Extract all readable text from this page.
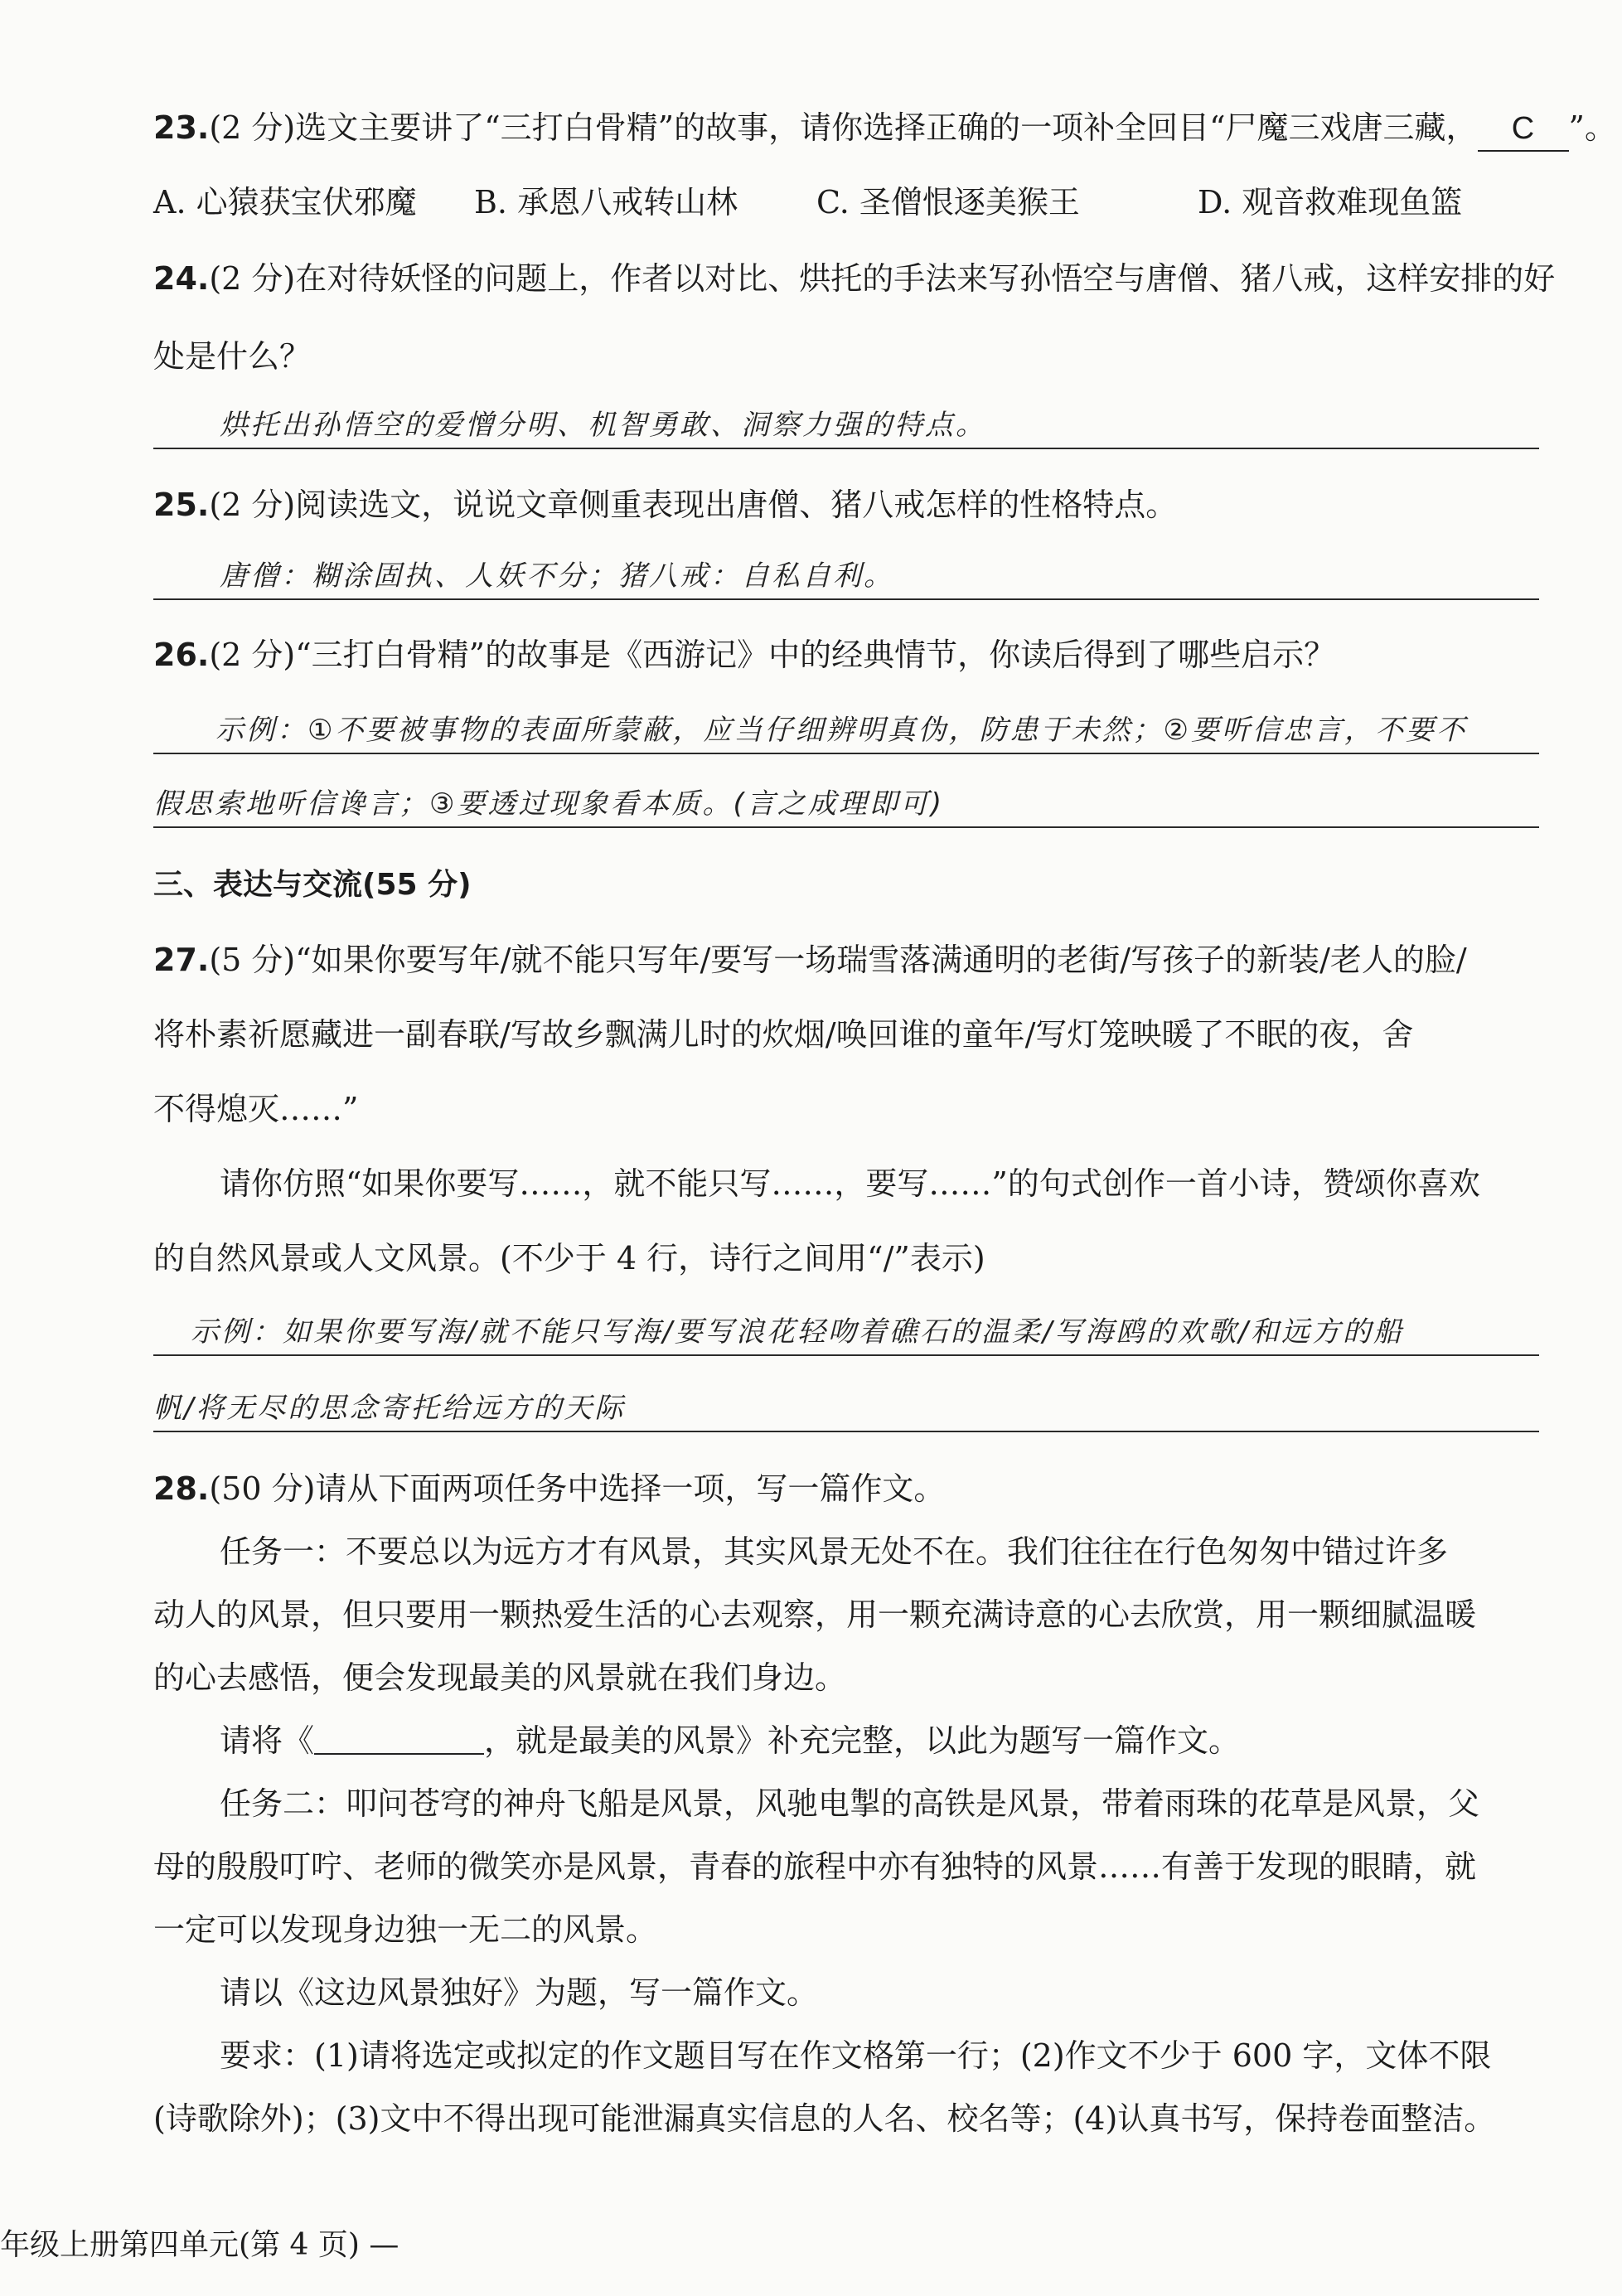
23.(2 分)选文主要讲了“三打白骨精”的故事，请你选择正确的一项补全回目“尸魔三戏唐三藏， C ”。
A. 心猿获宝伏邪魔 B. 承恩八戒转山林 C. 圣僧恨逐美猴王	D. 观音救难现鱼篮
24.(2 分)在对待妖怪的问题上，作者以对比、烘托的手法来写孙悟空与唐僧、猪八戒，这样安排的好
处是什么？
烘托出孙悟空的爱憎分明、机智勇敢、洞察力强的特点。
25.(2 分)阅读选文，说说文章侧重表现出唐僧、猪八戒怎样的性格特点。
唐僧：糊涂固执、人妖不分；猪八戒：自私自利。
26.(2 分)“三打白骨精”的故事是《西游记》中的经典情节，你读后得到了哪些启示？
示例：①不要被事物的表面所蒙蔽，应当仔细辨明真伪，防患于未然；②要听信忠言，不要不
假思索地听信谗言；③要透过现象看本质。(言之成理即可)
三、表达与交流(55 分)
27.(5 分)“如果你要写年/就不能只写年/要写一场瑞雪落满通明的老街/写孩子的新装/老人的脸/
将朴素祈愿藏进一副春联/写故乡飘满儿时的炊烟/唤回谁的童年/写灯笼映暖了不眠的夜，舍
不得熄灭……”
请你仿照“如果你要写……，就不能只写……，要写……”的句式创作一首小诗，赞颂你喜欢
的自然风景或人文风景。(不少于 4 行，诗行之间用“/”表示)
示例：如果你要写海/就不能只写海/要写浪花轻吻着礁石的温柔/写海鸥的欢歌/和远方的船
帆/将无尽的思念寄托给远方的天际
28.(50 分)请从下面两项任务中选择一项，写一篇作文。
任务一：不要总以为远方才有风景，其实风景无处不在。我们往往在行色匆匆中错过许多
动人的风景，但只要用一颗热爱生活的心去观察，用一颗充满诗意的心去欣赏，用一颗细腻温暖
的心去感悟，便会发现最美的风景就在我们身边。
请将《	，就是最美的风景》补充完整，以此为题写一篇作文。
任务二：叩问苍穹的神舟飞船是风景，风驰电掣的高铁是风景，带着雨珠的花草是风景，父
母的殷殷叮咛、老师的微笑亦是风景，青春的旅程中亦有独特的风景……有善于发现的眼睛，就
一定可以发现身边独一无二的风景。
请以《这边风景独好》为题，写一篇作文。
要求：(1)请将选定或拟定的作文题目写在作文格第一行；(2)作文不少于 600 字，文体不限
(诗歌除外)；(3)文中不得出现可能泄漏真实信息的人名、校名等；(4)认真书写，保持卷面整洁。
年级上册第四单元(第 4 页) —
